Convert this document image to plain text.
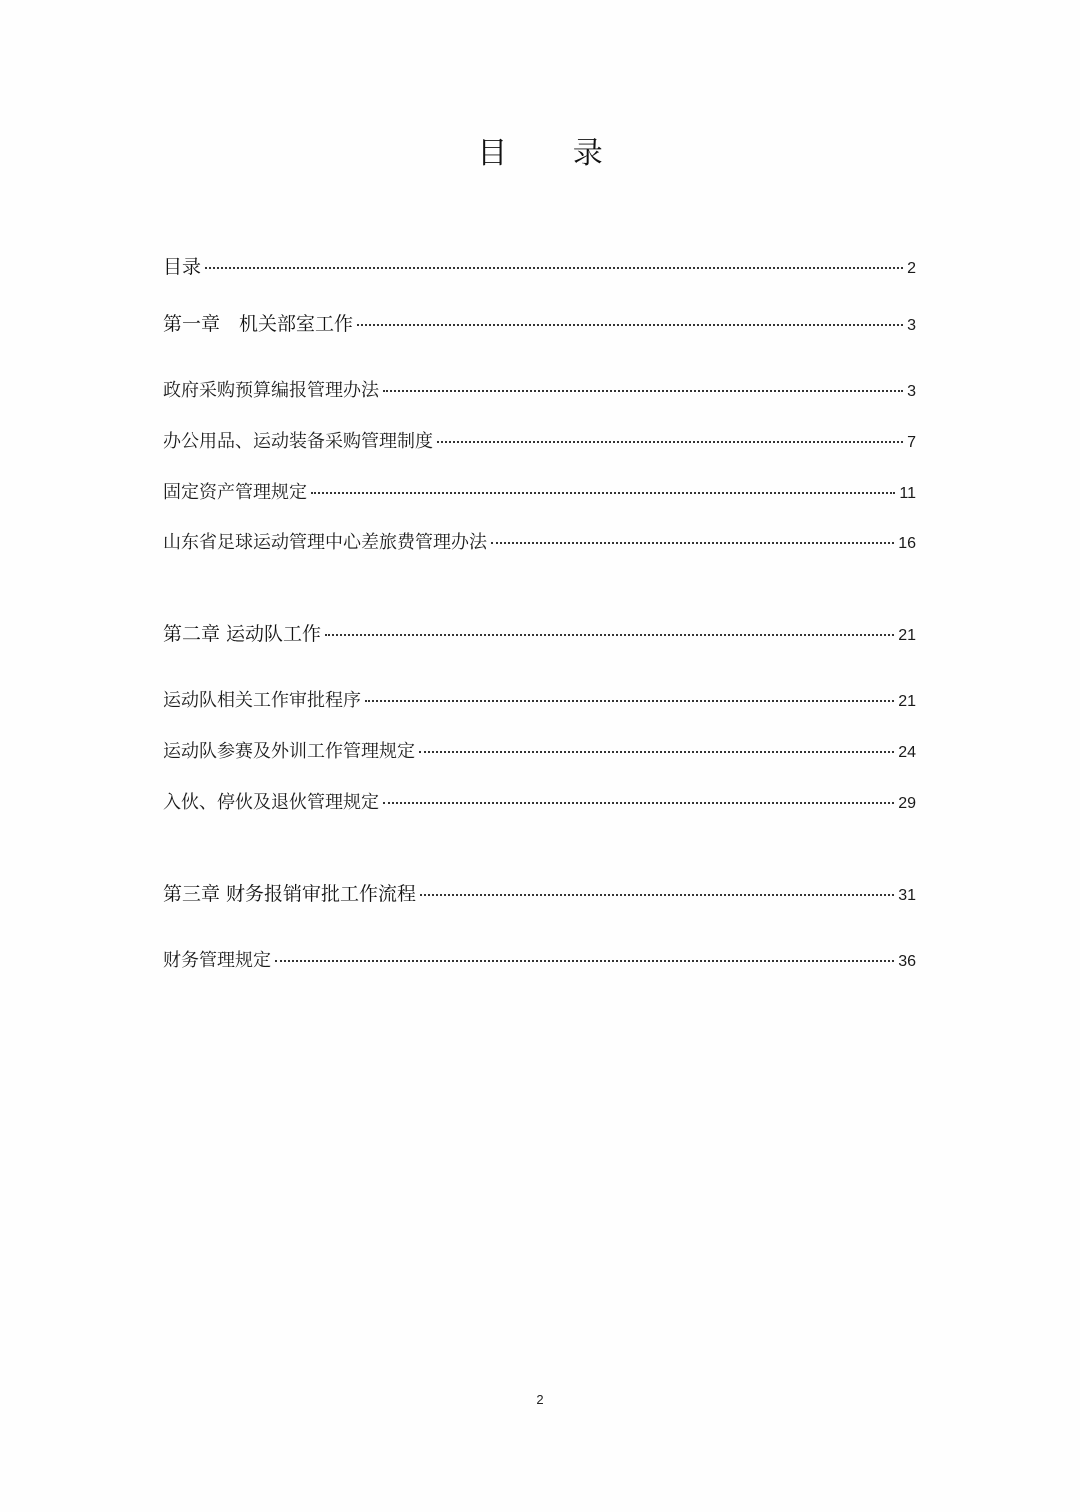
目 录
目录	2
第一章　机关部室工作	3
政府采购预算编报管理办法	3
办公用品、运动装备采购管理制度	7
固定资产管理规定	11
山东省足球运动管理中心差旅费管理办法	16
第二章 运动队工作	21
运动队相关工作审批程序	21
运动队参赛及外训工作管理规定	24
入伙、停伙及退伙管理规定	29
第三章 财务报销审批工作流程	31
财务管理规定	36
2
